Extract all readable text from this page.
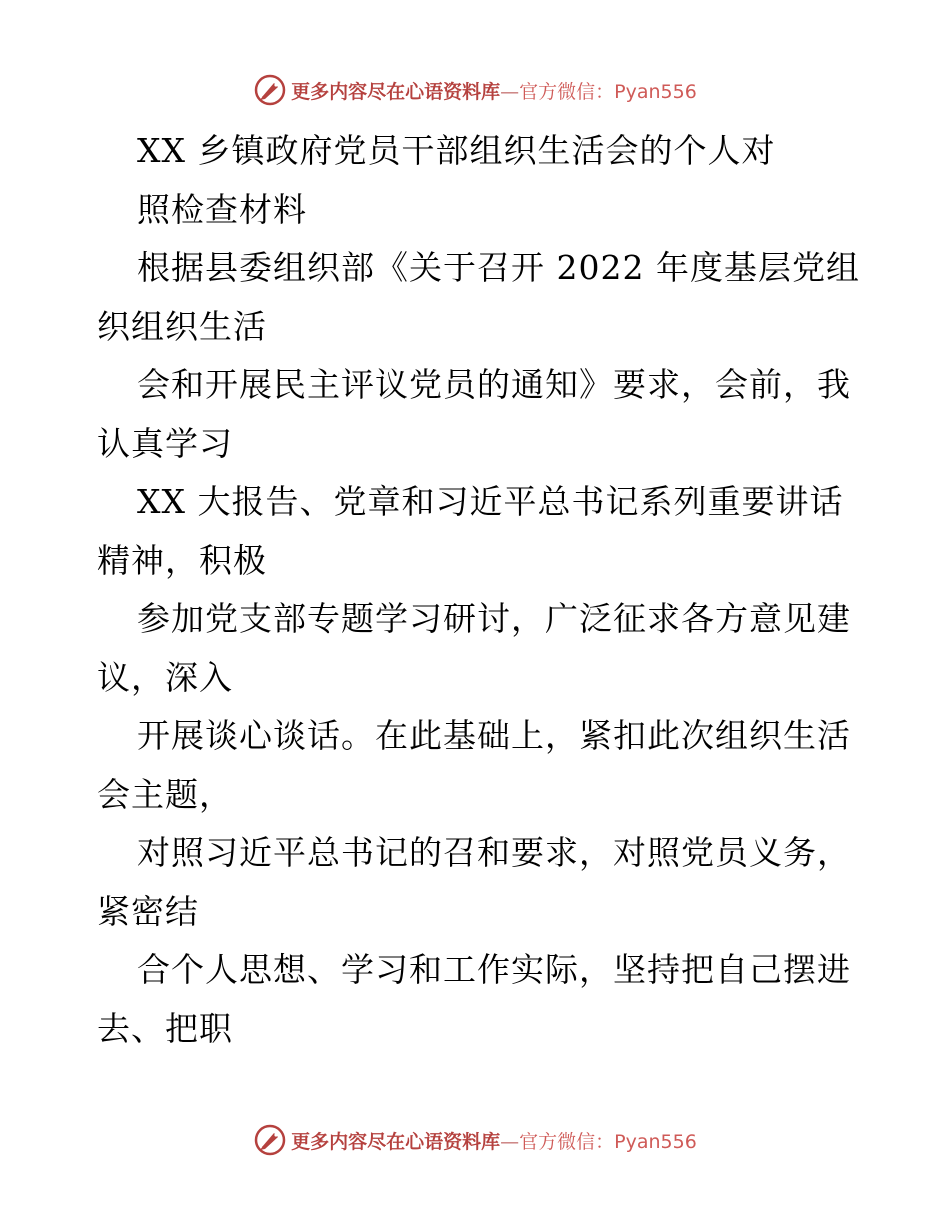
更多内容尽在心语资料库—官方微信：Pyan556
XX 乡镇政府党员干部组织生活会的个人对
照检查材料
根据县委组织部《关于召开 2022 年度基层党组
织组织生活
会和开展民主评议党员的通知》要求，会前，我
认真学习
XX 大报告、党章和习近平总书记系列重要讲话
精神，积极
参加党支部专题学习研讨，广泛征求各方意见建
议，深入
开展谈心谈话。在此基础上，紧扣此次组织生活
会主题，
对照习近平总书记的召和要求，对照党员义务，
紧密结
合个人思想、学习和工作实际，坚持把自己摆进
去、把职
更多内容尽在心语资料库—官方微信：Pyan556
